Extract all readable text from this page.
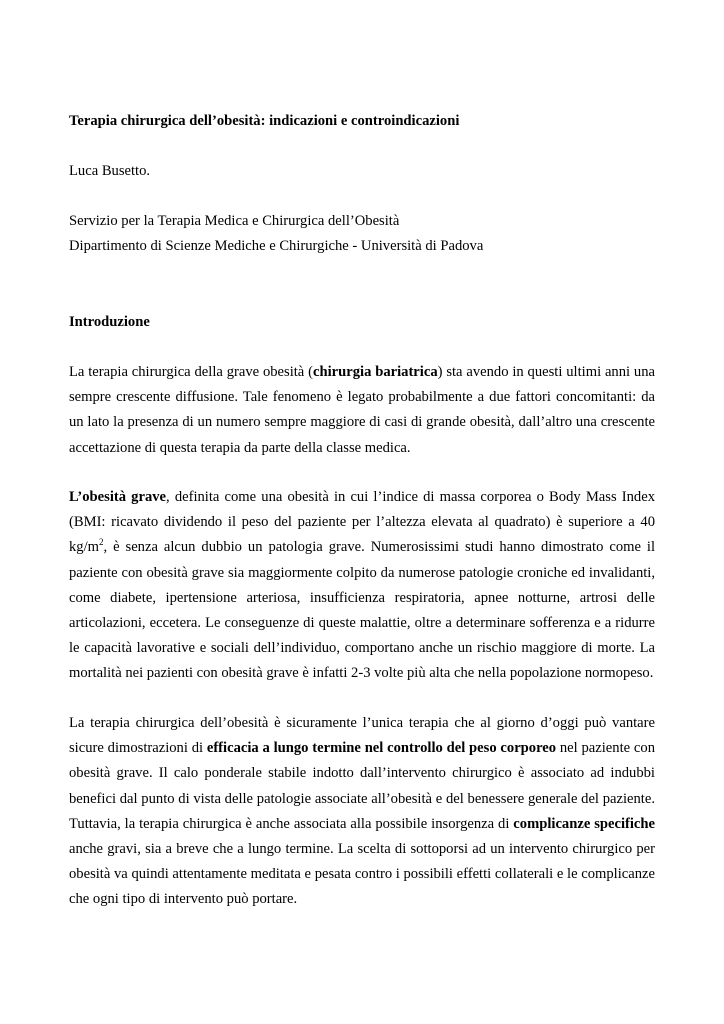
Terapia chirurgica dell’obesità: indicazioni e controindicazioni
Luca Busetto.
Servizio per la Terapia Medica e Chirurgica dell’Obesità
Dipartimento di Scienze Mediche e Chirurgiche - Università di Padova
Introduzione
La terapia chirurgica della grave obesità (chirurgia bariatrica) sta avendo in questi ultimi anni una sempre crescente diffusione. Tale fenomeno è legato probabilmente a due fattori concomitanti: da un lato la presenza di un numero sempre maggiore di casi di grande obesità, dall’altro una crescente accettazione di questa terapia da parte della classe medica.
L’obesità grave, definita come una obesità in cui l’indice di massa corporea o Body Mass Index (BMI: ricavato dividendo il peso del paziente per l’altezza elevata al quadrato) è superiore a 40 $kg/m^2$, è senza alcun dubbio un patologia grave. Numerosissimi studi hanno dimostrato come il paziente con obesità grave sia maggiormente colpito da numerose patologie croniche ed invalidanti, come diabete, ipertensione arteriosa, insufficienza respiratoria, apnee notturne, artrosi delle articolazioni, eccetera. Le conseguenze di queste malattie, oltre a determinare sofferenza e a ridurre le capacità lavorative e sociali dell’individuo, comportano anche un rischio maggiore di morte. La mortalità nei pazienti con obesità grave è infatti 2-3 volte più alta che nella popolazione normopeso.
La terapia chirurgica dell’obesità è sicuramente l’unica terapia che al giorno d’oggi può vantare sicure dimostrazioni di efficacia a lungo termine nel controllo del peso corporeo nel paziente con obesità grave. Il calo ponderale stabile indotto dall’intervento chirurgico è associato ad indubbi benefici dal punto di vista delle patologie associate all’obesità e del benessere generale del paziente. Tuttavia, la terapia chirurgica è anche associata alla possibile insorgenza di complicanze specifiche anche gravi, sia a breve che a lungo termine. La scelta di sottoporsi ad un intervento chirurgico per obesità va quindi attentamente meditata e pesata contro i possibili effetti collaterali e le complicanze che ogni tipo di intervento può portare.
